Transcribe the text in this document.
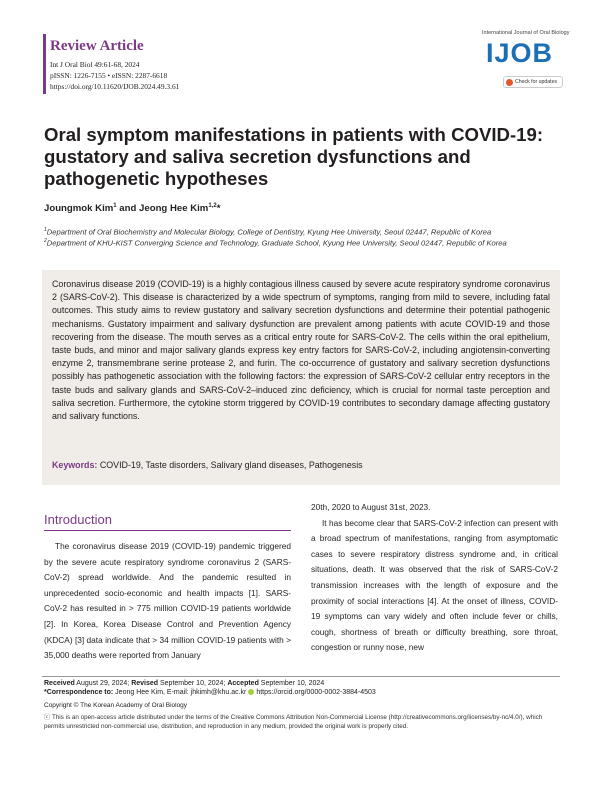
Review Article
Int J Oral Biol 49:61-68, 2024
pISSN: 1226-7155 • eISSN: 2287-6618
https://doi.org/10.11620/IJOB.2024.49.3.61
International Journal of Oral Biology
IJOB
Check for updates
Oral symptom manifestations in patients with COVID-19: gustatory and saliva secretion dysfunctions and pathogenetic hypotheses
Joungmok Kim$^1$ and Jeong Hee Kim$^{1,2}$*
$^1$Department of Oral Biochemistry and Molecular Biology, College of Dentistry, Kyung Hee University, Seoul 02447, Republic of Korea
$^2$Department of KHU-KIST Converging Science and Technology, Graduate School, Kyung Hee University, Seoul 02447, Republic of Korea
Coronavirus disease 2019 (COVID-19) is a highly contagious illness caused by severe acute respiratory syndrome coronavirus 2 (SARS-CoV-2). This disease is characterized by a wide spectrum of symptoms, ranging from mild to severe, including fatal outcomes. This study aims to review gustatory and salivary secretion dysfunctions and determine their potential pathogenic mechanisms. Gustatory impairment and salivary dysfunction are prevalent among patients with acute COVID-19 and those recovering from the disease. The mouth serves as a critical entry route for SARS-CoV-2. The cells within the oral epithelium, taste buds, and minor and major salivary glands express key entry factors for SARS-CoV-2, including angiotensin-converting enzyme 2, transmembrane serine protease 2, and furin. The co-occurrence of gustatory and salivary secretion dysfunctions possibly has pathogenetic association with the following factors: the expression of SARS-CoV-2 cellular entry receptors in the taste buds and salivary glands and SARS-CoV-2–induced zinc deficiency, which is crucial for normal taste perception and saliva secretion. Furthermore, the cytokine storm triggered by COVID-19 contributes to secondary damage affecting gustatory and salivary functions.
Keywords: COVID-19, Taste disorders, Salivary gland diseases, Pathogenesis
Introduction
The coronavirus disease 2019 (COVID-19) pandemic triggered by the severe acute respiratory syndrome coronavirus 2 (SARS-CoV-2) spread worldwide. And the pandemic resulted in unprecedented socio-economic and health impacts [1]. SARS-CoV-2 has resulted in > 775 million COVID-19 patients worldwide [2]. In Korea, Korea Disease Control and Prevention Agency (KDCA) [3] data indicate that > 34 million COVID-19 patients with > 35,000 deaths were reported from January
20th, 2020 to August 31st, 2023.
It has become clear that SARS-CoV-2 infection can present with a broad spectrum of manifestations, ranging from asymptomatic cases to severe respiratory distress syndrome and, in critical situations, death. It was observed that the risk of SARS-CoV-2 transmission increases with the length of exposure and the proximity of social interactions [4]. At the onset of illness, COVID-19 symptoms can vary widely and often include fever or chills, cough, shortness of breath or difficulty breathing, sore throat, congestion or runny nose, new
Received August 29, 2024; Revised September 10, 2024; Accepted September 10, 2024
*Correspondence to: Jeong Hee Kim, E-mail: jhkimh@khu.ac.kr https://orcid.org/0000-0002-3884-4503
Copyright © The Korean Academy of Oral Biology
ⓒ This is an open-access article distributed under the terms of the Creative Commons Attribution Non-Commercial License (http://creativecommons.org/licenses/by-nc/4.0/), which permits unrestricted non-commercial use, distribution, and reproduction in any medium, provided the original work is properly cited.
